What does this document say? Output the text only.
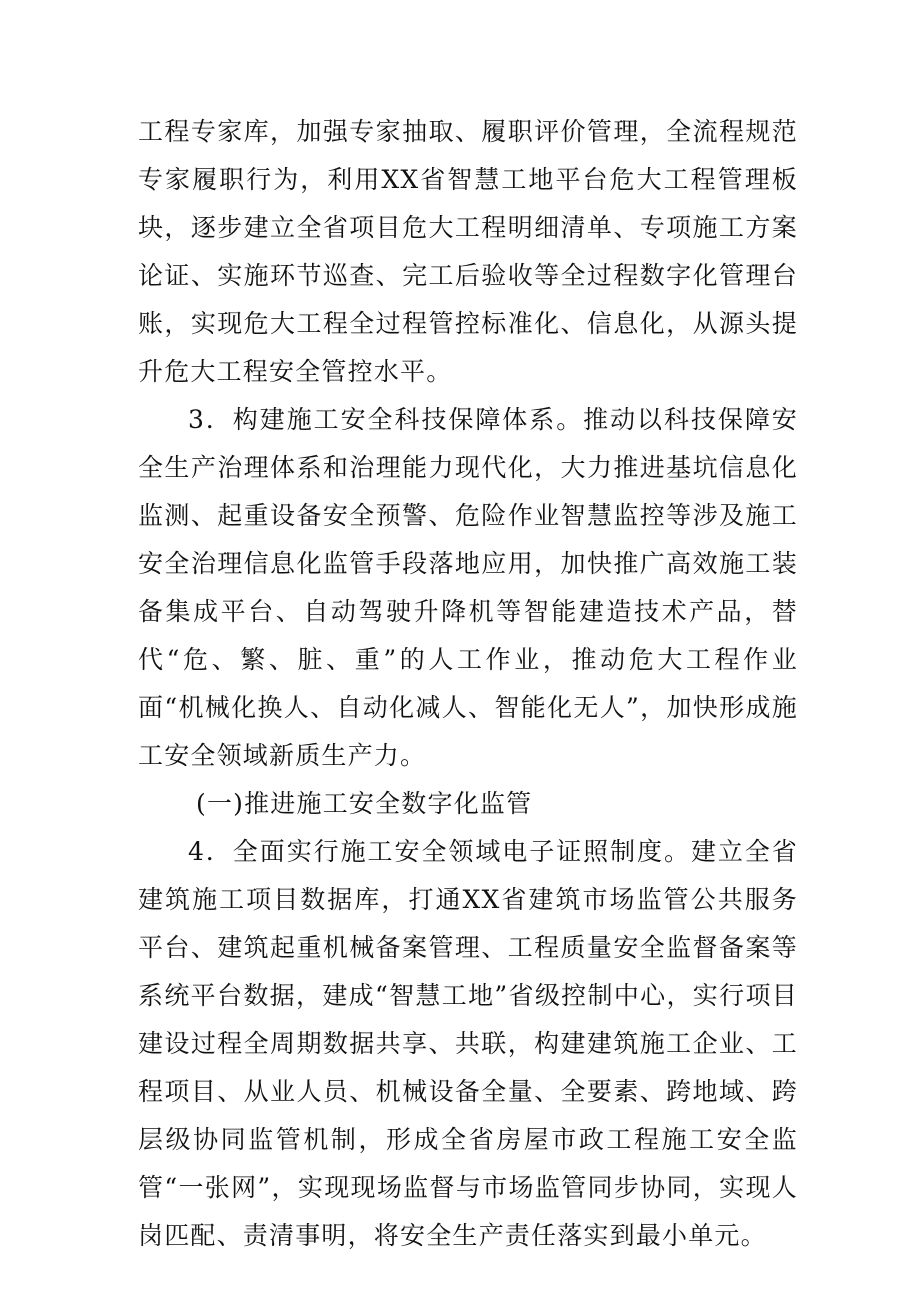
工程专家库，加强专家抽取、履职评价管理，全流程规范专家履职行为，利用XX省智慧工地平台危大工程管理板块，逐步建立全省项目危大工程明细清单、专项施工方案论证、实施环节巡查、完工后验收等全过程数字化管理台账，实现危大工程全过程管控标准化、信息化，从源头提升危大工程安全管控水平。

3．构建施工安全科技保障体系。推动以科技保障安全生产治理体系和治理能力现代化，大力推进基坑信息化监测、起重设备安全预警、危险作业智慧监控等涉及施工安全治理信息化监管手段落地应用，加快推广高效施工装备集成平台、自动驾驶升降机等智能建造技术产品，替代“危、繁、脏、重”的人工作业，推动危大工程作业面“机械化换人、自动化减人、智能化无人”，加快形成施工安全领域新质生产力。

(一)推进施工安全数字化监管

4．全面实行施工安全领域电子证照制度。建立全省建筑施工项目数据库，打通XX省建筑市场监管公共服务平台、建筑起重机械备案管理、工程质量安全监督备案等系统平台数据，建成“智慧工地”省级控制中心，实行项目建设过程全周期数据共享、共联，构建建筑施工企业、工程项目、从业人员、机械设备全量、全要素、跨地域、跨层级协同监管机制，形成全省房屋市政工程施工安全监管“一张网”，实现现场监督与市场监管同步协同，实现人岗匹配、责清事明，将安全生产责任落实到最小单元。
